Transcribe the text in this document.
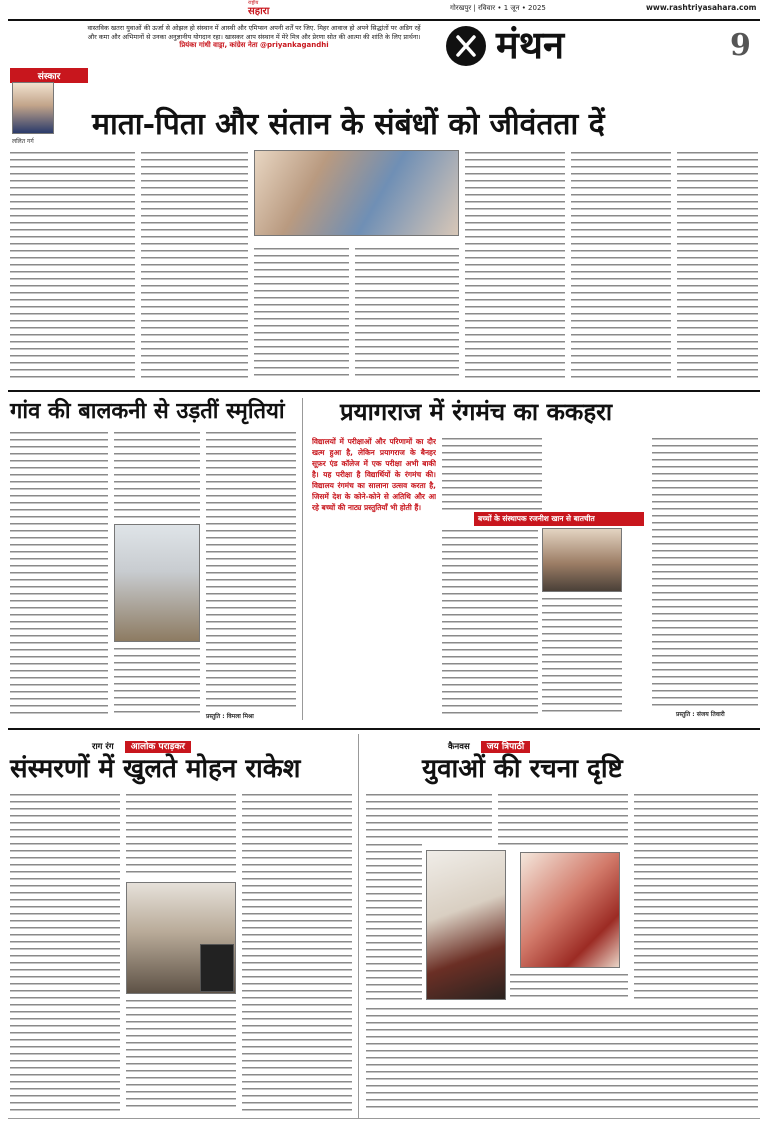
राष्ट्रीय
सहारा	गोरखपुर | रविवार • 1 जून • 2025	www.rashtriyasahara.com
वास्तविक खतरा युवाओं की ऊर्जा से ओझल हो संस्थान में आस्थी और एमिप्सन अपनी शर्तें पर जिए. मिहर आवाज हो अपने सिद्धांतों पर अडिग रहें और कमा और अभिमानों से उनका अनुज्ञानीय योगदान रहा। खासकर आप संस्थान में मेरे मित्र और प्रेरणा सोत की आत्मा की शांति के लिए प्रार्थना।
प्रियंका गांधी वाड्रा, कांग्रेस नेता @priyankagandhi	मंथन	9
संस्कार
ललित गर्ग माता-पिता और संतान के संबंधों को जीवंतता दें
गांव की बालकनी से उड़तीं स्मृतियां
प्रस्तुति : विमला मिश्रा
प्रयागराज में रंगमंच का ककहरा
विद्यालयों में परीक्षाओं और परिणामों का दौर खत्म हुआ है, लेकिन प्रयागराज के बैनहर सूफ़र एंड कॉलेज में एक परीक्षा अभी बाकी है। यह परीक्षा है विद्यार्थियों के रंगमंच की। विद्यालय रंगमंच का सालाना उत्सव करता है, जिसमें देश के कोने-कोने से अतिथि और आ रहे बच्चों की नाट्य प्रस्तुतियाँ भी होती हैं।
बच्चों के संस्थापक रजनीश खान से बातचीत
प्रस्तुति : संजय तिवारी
राग रंग आलोक पराड़कर
संस्मरणों में खुलते मोहन राकेश
कैनवस जय त्रिपाठी
युवाओं की रचना दृष्टि
